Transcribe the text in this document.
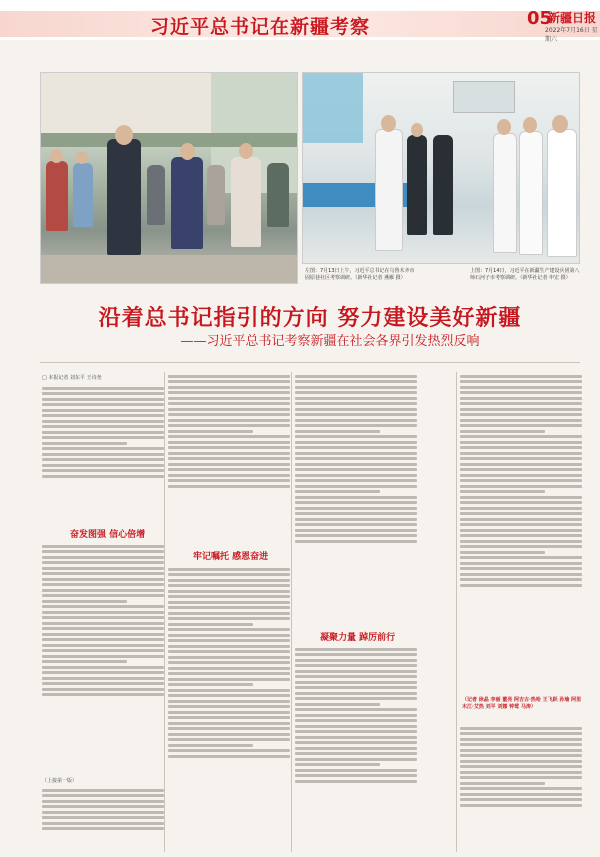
习近平总书记在新疆考察	05
新疆日报
2022年7月16日 星期六
左图：7月13日上午，习近平总书记在乌鲁木齐市固原巷社区考察调研。（新华社记者 燕雁 摄）
上图：7月14日，习近平在新疆生产建设兵团第八师石河子市考察调研。（新华社记者 申宏 摄）
沿着总书记指引的方向 努力建设美好新疆
——习近平总书记考察新疆在社会各界引发热烈反响
□ 本报记者 刘东平 王诗尧
奋发图强 信心倍增
牢记嘱托 感恩奋进
凝聚力量 踔厉前行
（上接第一版）
（记者 徐晶 李丽 董亮 阿吉古·热哈 王飞跃 孙瑜 阿里木江·艾热 刘平 刘娜 钟莺 马涛）
